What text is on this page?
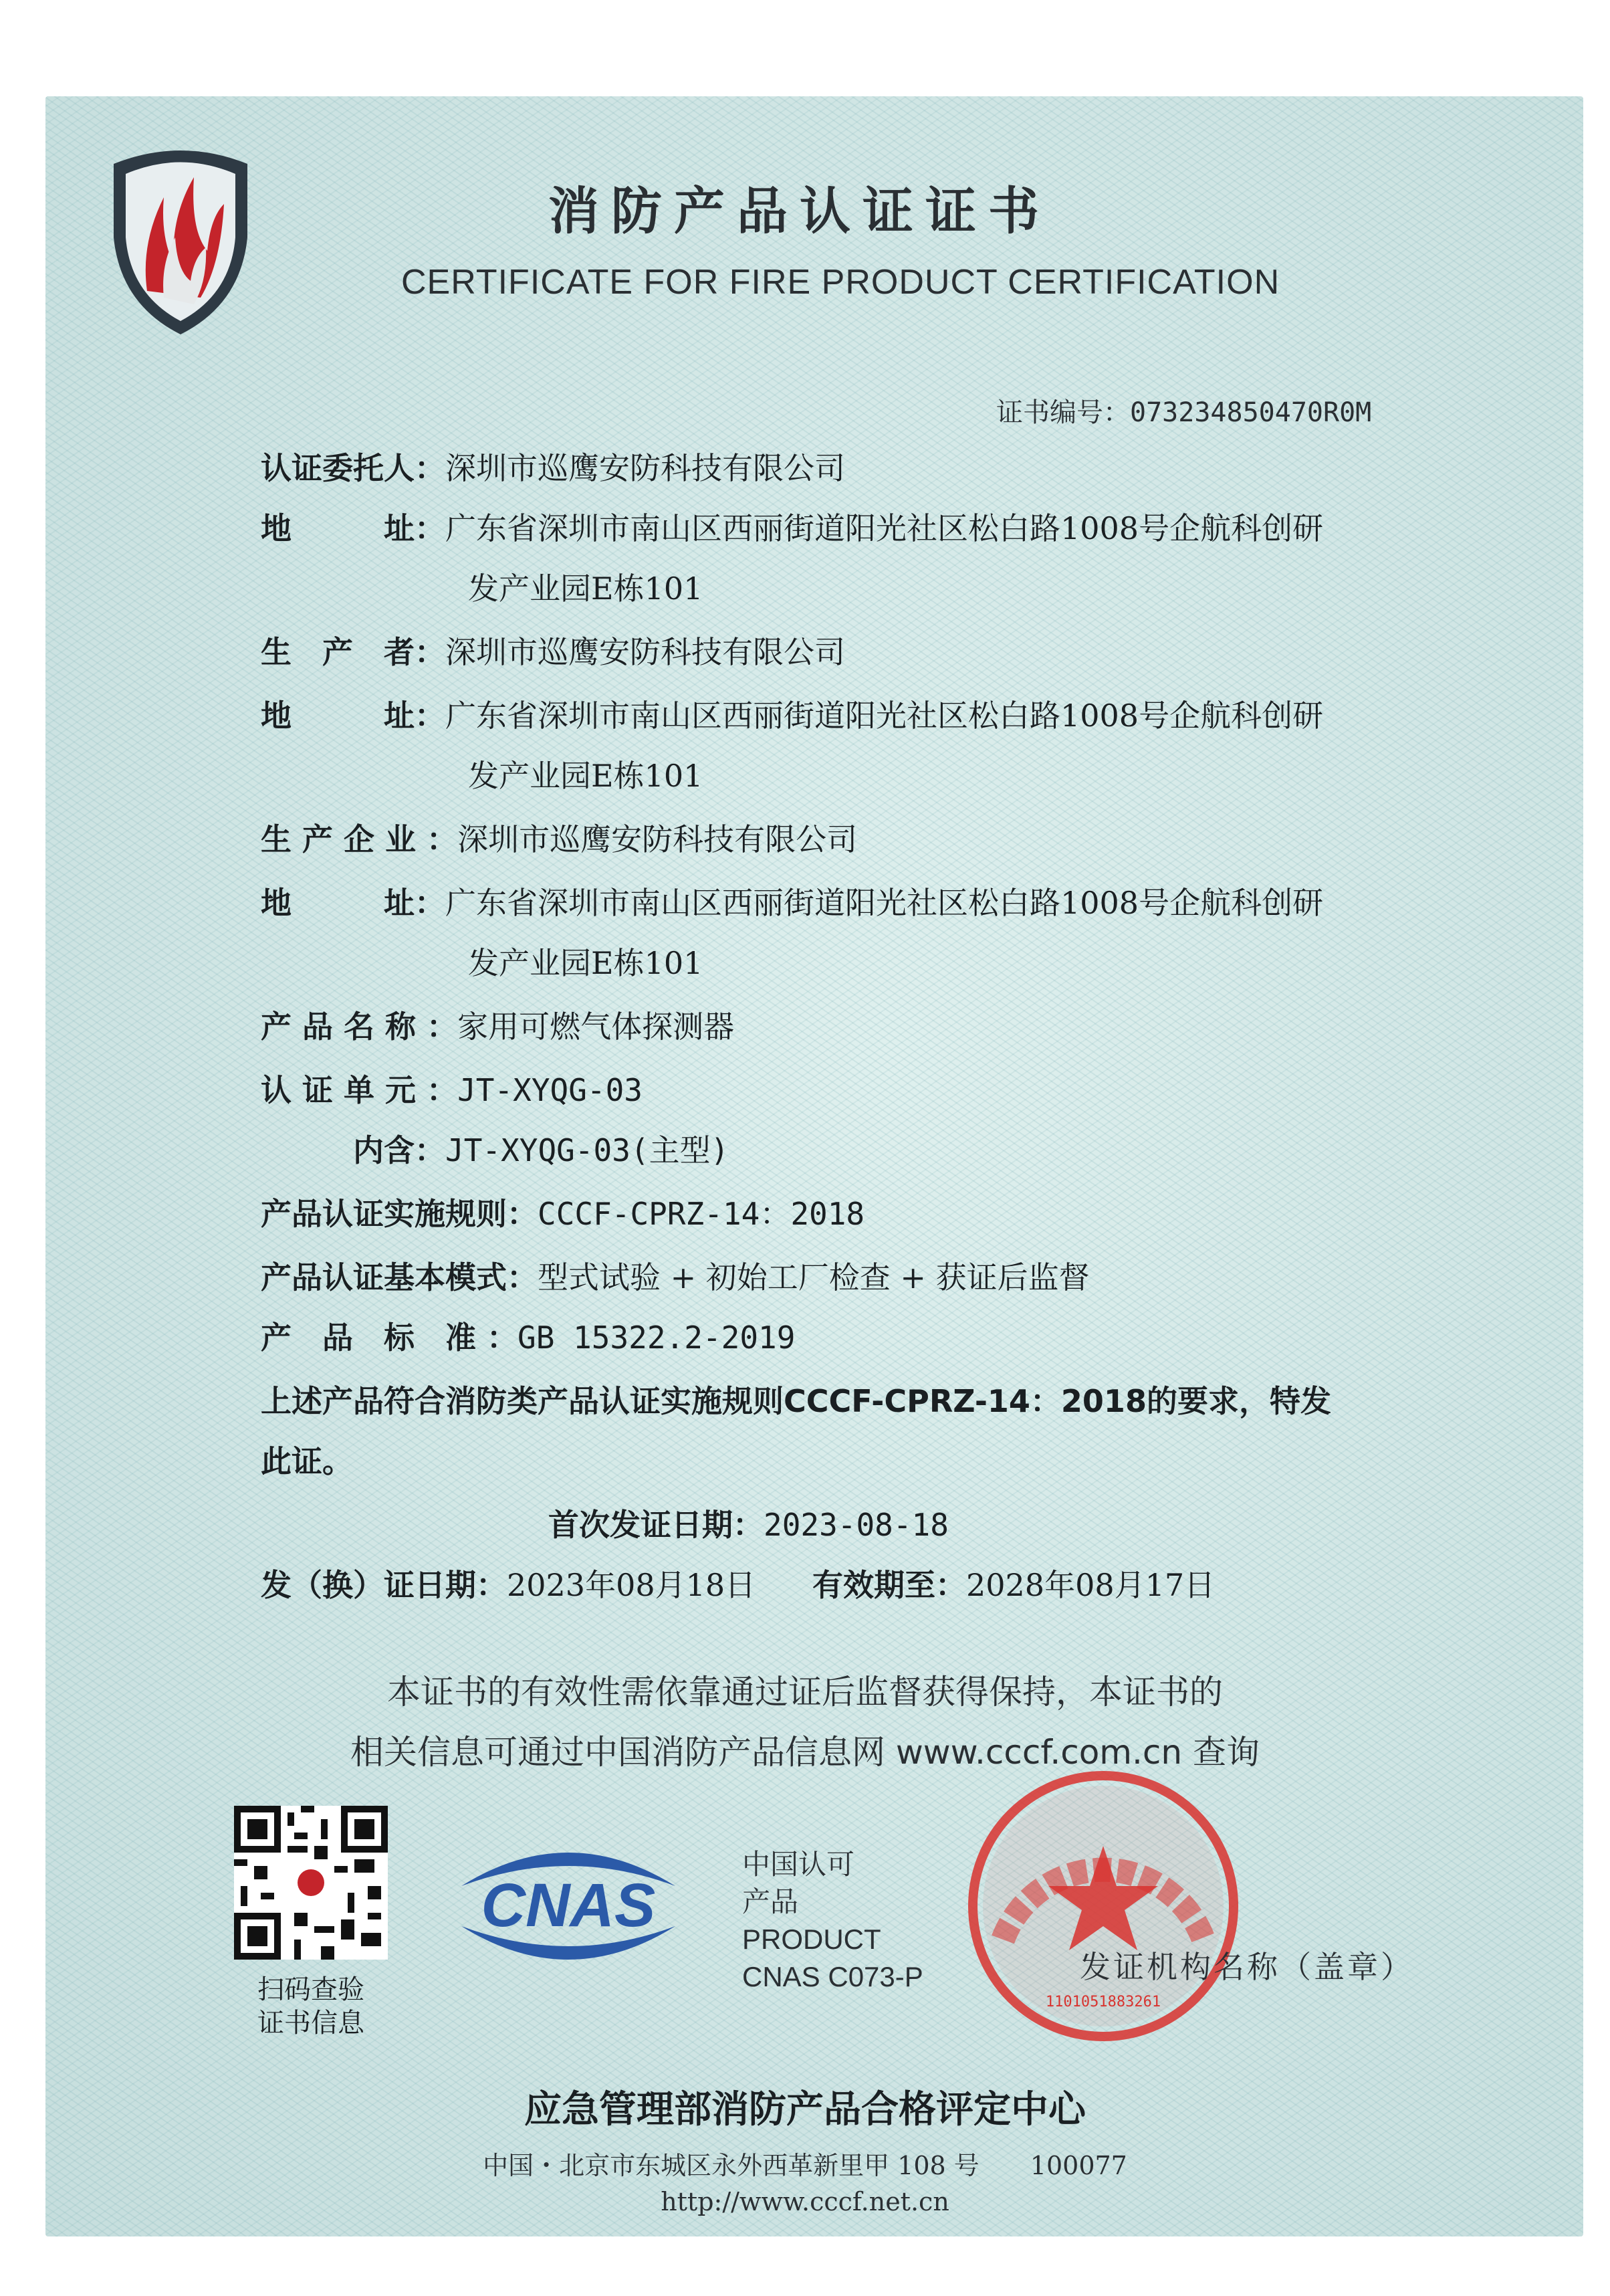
消防产品认证证书
CERTIFICATE FOR FIRE PRODUCT CERTIFICATION
证书编号：073234850470R0M
认证委托人：深圳市巡鹰安防科技有限公司
地　　　址：广东省深圳市南山区西丽街道阳光社区松白路1008号企航科创研
发产业园E栋101
生　产　者：深圳市巡鹰安防科技有限公司
地　　　址：广东省深圳市南山区西丽街道阳光社区松白路1008号企航科创研
发产业园E栋101
生 产 企 业 ：深圳市巡鹰安防科技有限公司
地　　　址：广东省深圳市南山区西丽街道阳光社区松白路1008号企航科创研
发产业园E栋101
产 品 名 称 ：家用可燃气体探测器
认 证 单 元 ：JT-XYQG-03
　　　内含：JT-XYQG-03(主型)
产品认证实施规则：CCCF-CPRZ-14：2018
产品认证基本模式：型式试验 + 初始工厂检查 + 获证后监督
产　品　标　准 ：GB 15322.2-2019
上述产品符合消防类产品认证实施规则CCCF-CPRZ-14：2018的要求，特发
此证。
首次发证日期：2023-08-18
发（换）证日期：2023年08月18日 有效期至：2028年08月17日
本证书的有效性需依靠通过证后监督获得保持，本证书的
相关信息可通过中国消防产品信息网 www.cccf.com.cn 查询
扫码查验
证书信息
CNAS
中国认可
产品
PRODUCT
CNAS C073-P
1101051883261
发证机构名称（盖章）
应急管理部消防产品合格评定中心
中国・北京市东城区永外西革新里甲 108 号　　100077
http://www.cccf.net.cn
